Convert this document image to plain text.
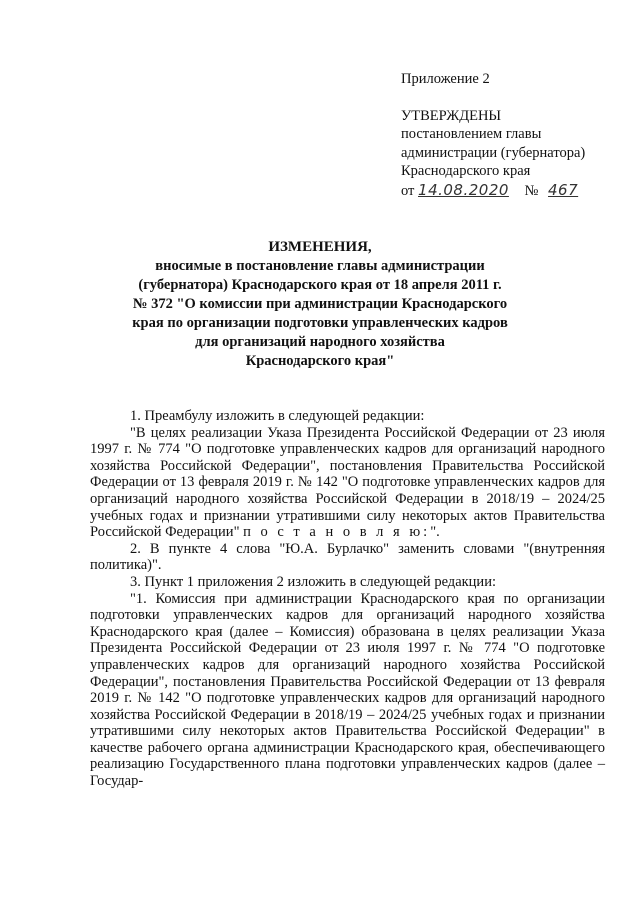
Приложение 2
УТВЕРЖДЕНЫ
постановлением главы
администрации (губернатора)
Краснодарского края
от 14.08.2020 № 467
ИЗМЕНЕНИЯ,
вносимые в постановление главы администрации
(губернатора) Краснодарского края от 18 апреля 2011 г.
№ 372 "О комиссии при администрации Краснодарского
края по организации подготовки управленческих кадров
для организаций народного хозяйства
Краснодарского края"

1. Преамбулу изложить в следующей редакции:

"В целях реализации Указа Президента Российской Федерации от 23 июля 1997 г. № 774 "О подготовке управленческих кадров для организаций народного хозяйства Российской Федерации", постановления Правительства Российской Федерации от 13 февраля 2019 г. № 142 "О подготовке управленческих кадров для организаций народного хозяйства Российской Федерации в 2018/19 – 2024/25 учебных годах и признании утратившими силу некоторых актов Правительства Российской Федерации" п о с т а н о в л я ю:".

2. В пункте 4 слова "Ю.А. Бурлачко" заменить словами "(внутренняя политика)".

3. Пункт 1 приложения 2 изложить в следующей редакции:

"1. Комиссия при администрации Краснодарского края по организации подготовки управленческих кадров для организаций народного хозяйства Краснодарского края (далее – Комиссия) образована в целях реализации Указа Президента Российской Федерации от 23 июля 1997 г. № 774 "О подготовке управленческих кадров для организаций народного хозяйства Российской Федерации", постановления Правительства Российской Федерации от 13 февраля 2019 г. № 142 "О подготовке управленческих кадров для организаций народного хозяйства Российской Федерации в 2018/19 – 2024/25 учебных годах и признании утратившими силу некоторых актов Правительства Российской Федерации" в качестве рабочего органа администрации Краснодарского края, обеспечивающего реализацию Государственного плана подготовки управленческих кадров (далее – Государ-
